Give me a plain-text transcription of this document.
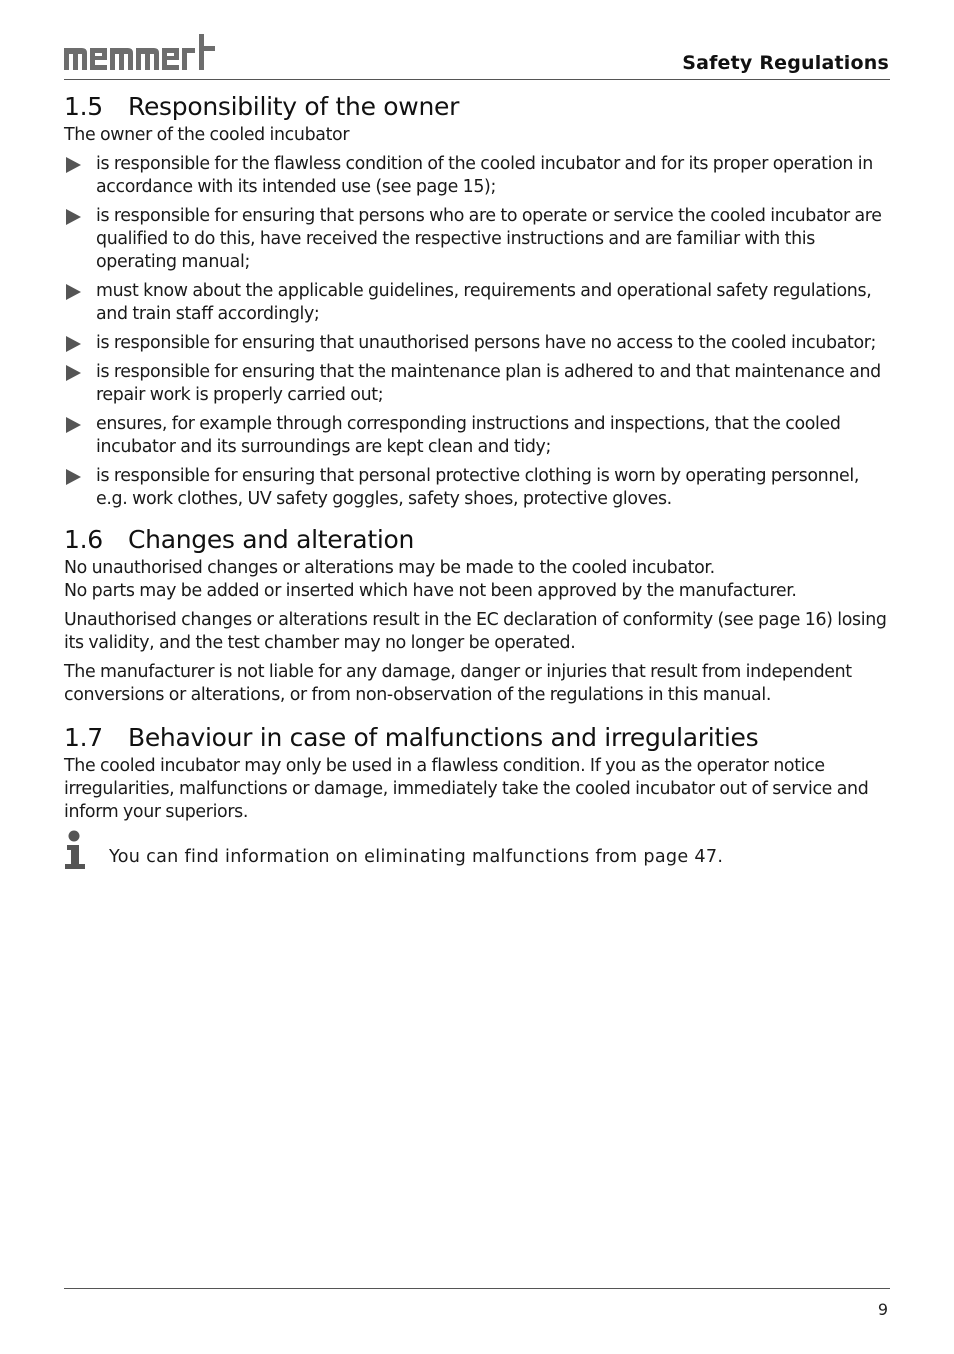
Safety Regulations
1.5 Responsibility of the owner

The owner of the cooled incubator

is responsible for the flawless condition of the cooled incubator and for its proper operation in accordance with its intended use (see page 15);
is responsible for ensuring that persons who are to operate or service the cooled incubator are qualified to do this, have received the respective instructions and are familiar with this operating manual;
must know about the applicable guidelines, requirements and operational safety regulations, and train staff accordingly;
is responsible for ensuring that unauthorised persons have no access to the cooled incubator;
is responsible for ensuring that the maintenance plan is adhered to and that maintenance and repair work is properly carried out;
ensures, for example through corresponding instructions and inspections, that the cooled incubator and its surroundings are kept clean and tidy;
is responsible for ensuring that personal protective clothing is worn by operating personnel,
e.g. work clothes, UV safety goggles, safety shoes, protective gloves.
1.6 Changes and alteration

No unauthorised changes or alterations may be made to the cooled incubator.
No parts may be added or inserted which have not been approved by the manufacturer.

Unauthorised changes or alterations result in the EC declaration of conformity (see page 16) losing its validity, and the test chamber may no longer be operated.

The manufacturer is not liable for any damage, danger or injuries that result from independent conversions or alterations, or from non-observation of the regulations in this manual.

1.7 Behaviour in case of malfunctions and irregularities

The cooled incubator may only be used in a flawless condition. If you as the operator notice irregularities, malfunctions or damage, immediately take the cooled incubator out of service and inform your superiors.

You can find information on eliminating malfunctions from page 47.
9
